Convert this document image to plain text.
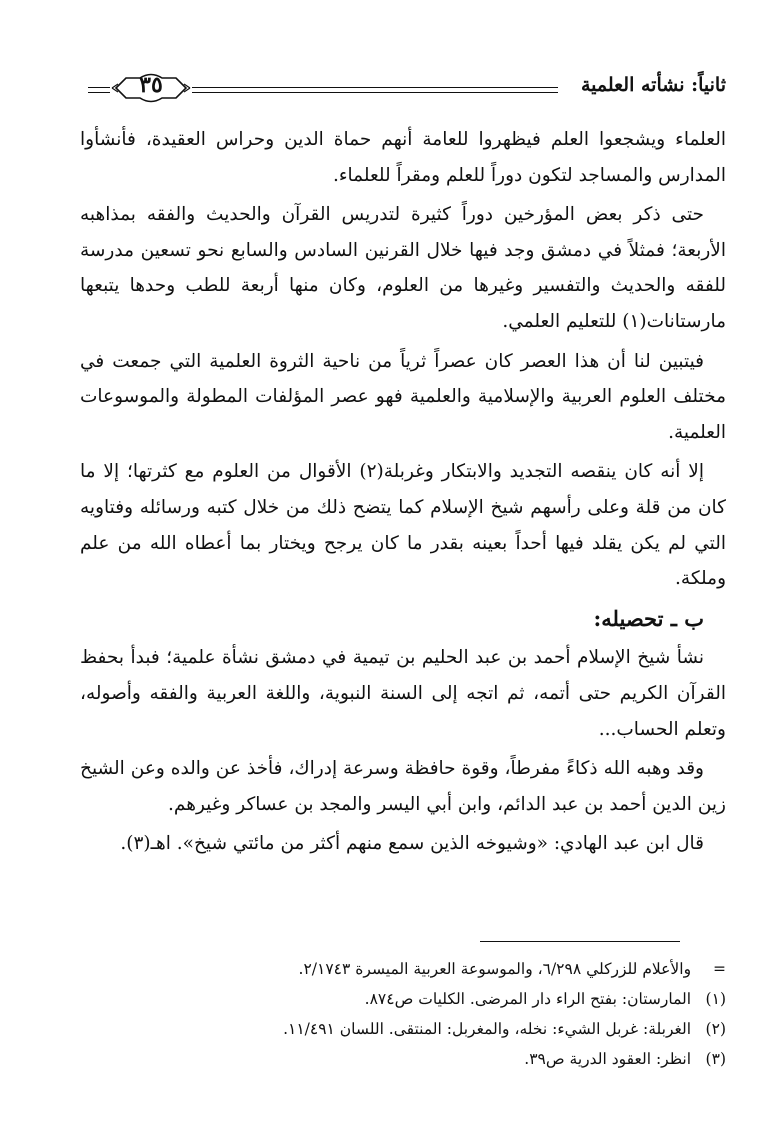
ثانياً: نشأته العلمية
٣٥

العلماء ويشجعوا العلم فيظهروا للعامة أنهم حماة الدين وحراس العقيدة، فأنشأوا المدارس والمساجد لتكون دوراً للعلم ومقراً للعلماء.

حتى ذكر بعض المؤرخين دوراً كثيرة لتدريس القرآن والحديث والفقه بمذاهبه الأربعة؛ فمثلاً في دمشق وجد فيها خلال القرنين السادس والسابع نحو تسعين مدرسة للفقه والحديث والتفسير وغيرها من العلوم، وكان منها أربعة للطب وحدها يتبعها مارستانات(١) للتعليم العلمي.

فيتبين لنا أن هذا العصر كان عصراً ثرياً من ناحية الثروة العلمية التي جمعت في مختلف العلوم العربية والإسلامية والعلمية فهو عصر المؤلفات المطولة والموسوعات العلمية.

إلا أنه كان ينقصه التجديد والابتكار وغربلة(٢) الأقوال من العلوم مع كثرتها؛ إلا ما كان من قلة وعلى رأسهم شيخ الإسلام كما يتضح ذلك من خلال كتبه ورسائله وفتاويه التي لم يكن يقلد فيها أحداً بعينه بقدر ما كان يرجح ويختار بما أعطاه الله من علم وملكة.

ب ـ تحصيله:

نشأ شيخ الإسلام أحمد بن عبد الحليم بن تيمية في دمشق نشأة علمية؛ فبدأ بحفظ القرآن الكريم حتى أتمه، ثم اتجه إلى السنة النبوية، واللغة العربية والفقه وأصوله، وتعلم الحساب...

وقد وهبه الله ذكاءً مفرطاً، وقوة حافظة وسرعة إدراك، فأخذ عن والده وعن الشيخ زين الدين أحمد بن عبد الدائم، وابن أبي اليسر والمجد بن عساكر وغيرهم.

قال ابن عبد الهادي: «وشيوخه الذين سمع منهم أكثر من مائتي شيخ». اهـ(٣).

= والأعلام للزركلي ٦/٢٩٨، والموسوعة العربية الميسرة ٢/١٧٤٣.
(١) المارستان: بفتح الراء دار المرضى. الكليات ص٨٧٤.
(٢) الغربلة: غربل الشيء: نخله، والمغربل: المنتقى. اللسان ١١/٤٩١.
(٣) انظر: العقود الدرية ص٣٩.
